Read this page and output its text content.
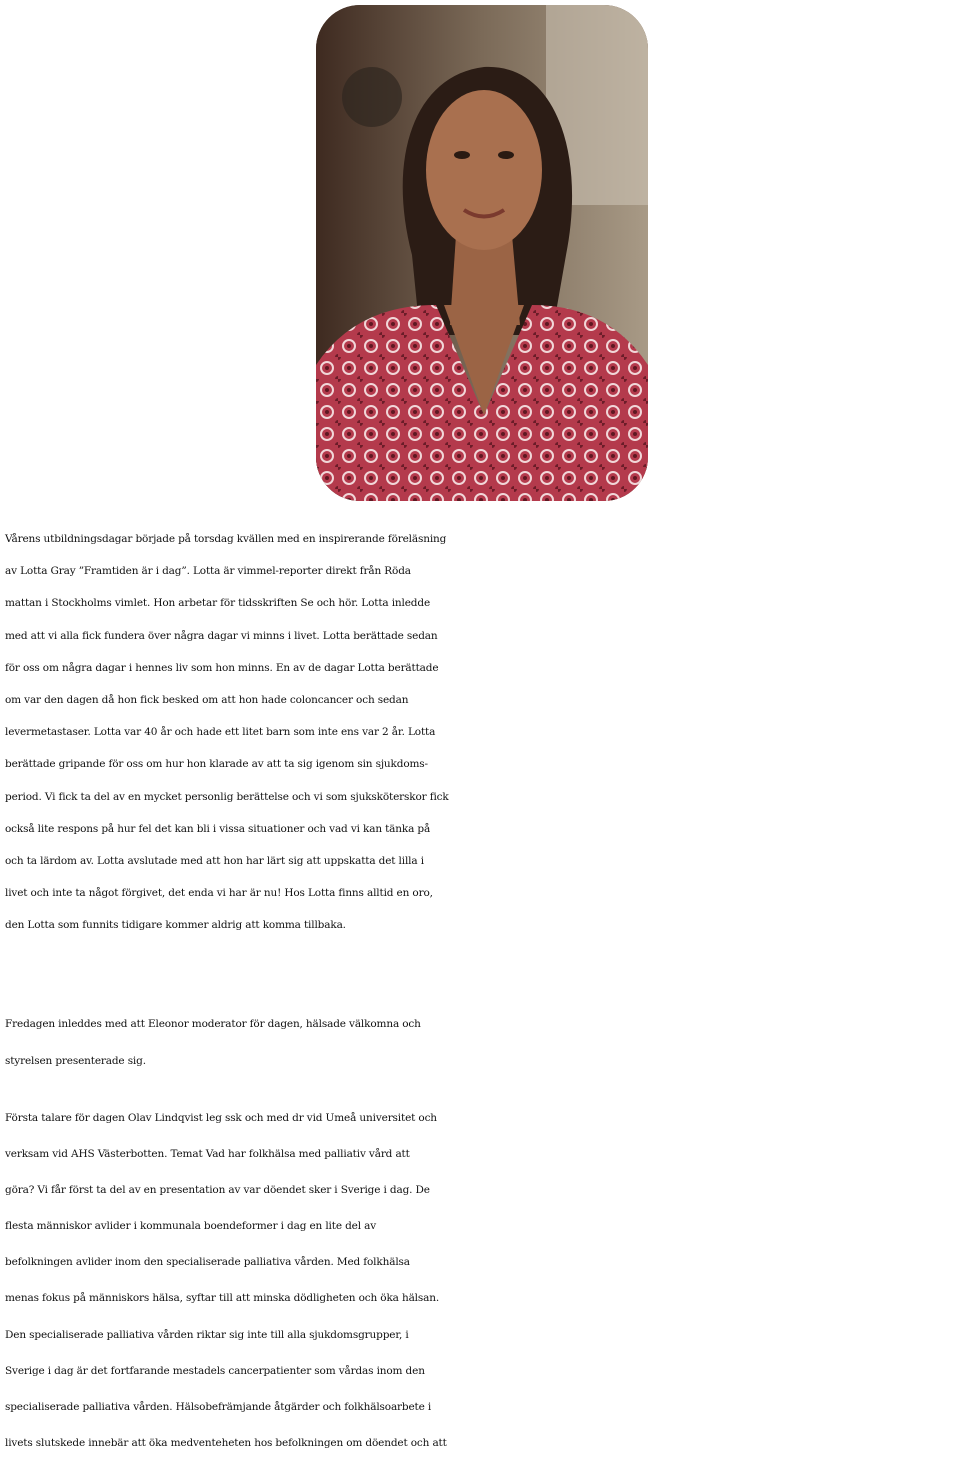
Vårens utbildningsdagar började på torsdag kvällen med en inspirerande föreläsning
av Lotta Gray ”Framtiden är i dag”. Lotta är vimmel-reporter direkt från Röda
mattan i Stockholms vimlet. Hon arbetar för tidsskriften Se och hör. Lotta inledde
med att vi alla fick fundera över några dagar vi minns i livet. Lotta berättade sedan
för oss om några dagar i hennes liv som hon minns. En av de dagar Lotta berättade
om var den dagen då hon fick besked om att hon hade coloncancer och sedan
levermetastaser. Lotta var 40 år och hade ett litet barn som inte ens var 2 år. Lotta
berättade gripande för oss om hur hon klarade av att ta sig igenom sin sjukdoms-
period. Vi fick ta del av en mycket personlig berättelse och vi som sjuksköterskor fick
också lite respons på hur fel det kan bli i vissa situationer och vad vi kan tänka på
och ta lärdom av. Lotta avslutade med att hon har lärt sig att uppskatta det lilla i
livet och inte ta något förgivet, det enda vi har är nu! Hos Lotta finns alltid en oro,
den Lotta som funnits tidigare kommer aldrig att komma tillbaka.
Fredagen inleddes med att Eleonor moderator för dagen, hälsade välkomna och
styrelsen presenterade sig.
Första talare för dagen Olav Lindqvist leg ssk och med dr vid Umeå universitet och
verksam vid AHS Västerbotten. Temat Vad har folkhälsa med palliativ vård att
göra? Vi får först ta del av en presentation av var döendet sker i Sverige i dag. De
flesta människor avlider i kommunala boendeformer i dag en lite del av
befolkningen avlider inom den specialiserade palliativa vården. Med folkhälsa
menas fokus på människors hälsa, syftar till att minska dödligheten och öka hälsan.
Den specialiserade palliativa vården riktar sig inte till alla sjukdomsgrupper, i
Sverige i dag är det fortfarande mestadels cancerpatienter som vårdas inom den
specialiserade palliativa vården. Hälsobefrämjande åtgärder och folkhälsoarbete i
livets slutskede innebär att öka medventeheten hos befolkningen om döendet och att
